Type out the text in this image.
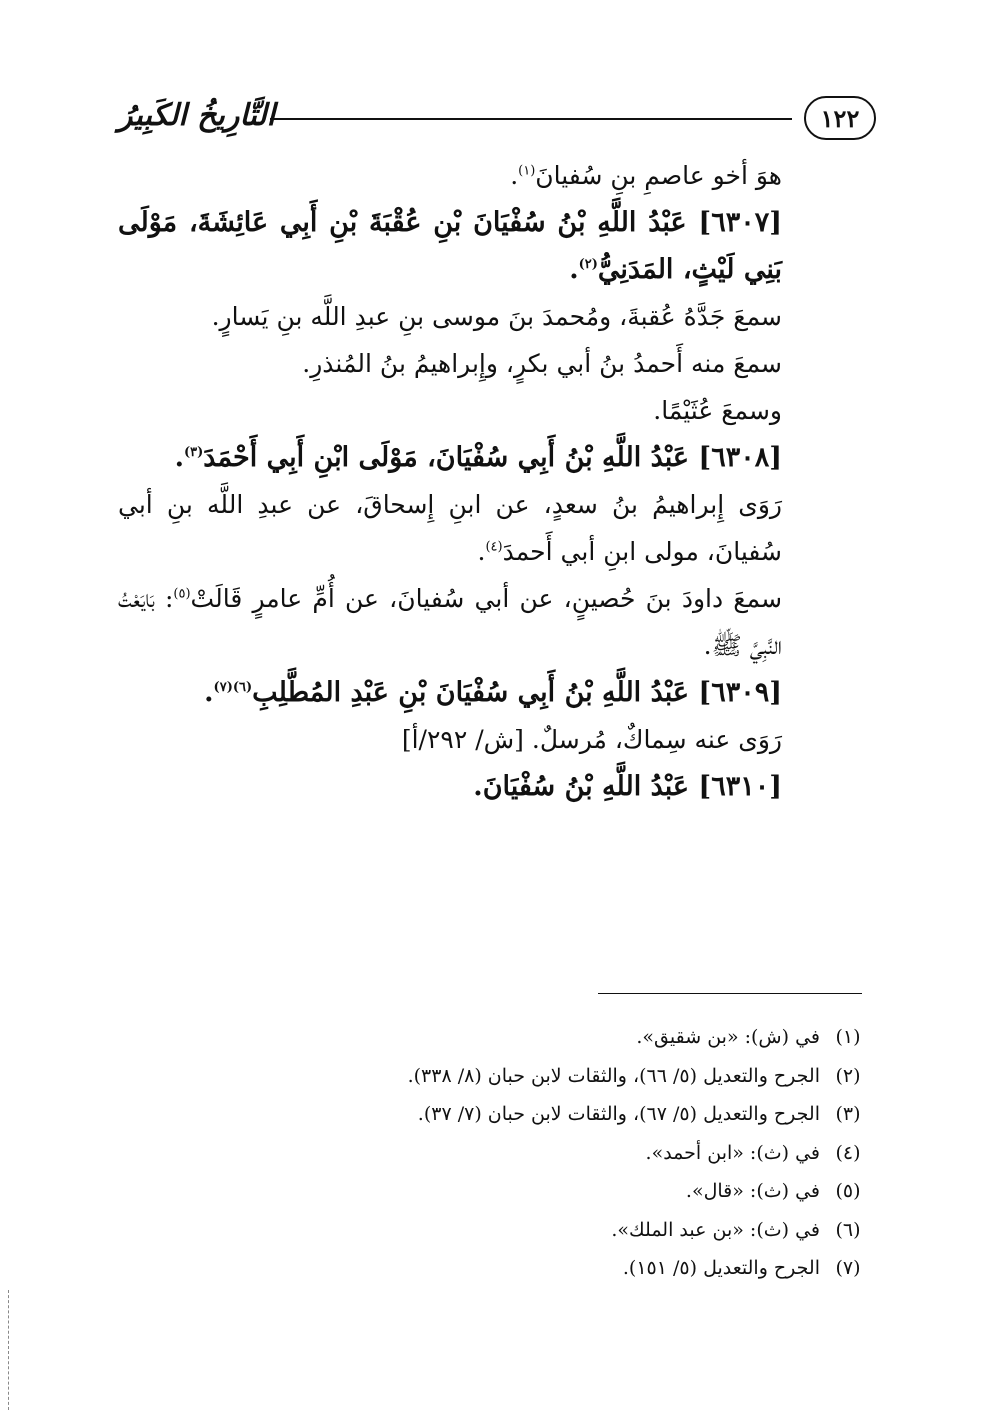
التَّارِيخُ الكَبِيرُ	١٢٢

هوَ أخو عاصمِ بنِ سُفيانَ$^{(١)}$.

[٦٣٠٧] عَبْدُ اللَّهِ بْنُ سُفْيَانَ بْنِ عُقْبَةَ بْنِ أَبِي عَائِشَةَ، مَوْلَى بَنِي لَيْثٍ، المَدَنِيُّ$^{(٢)}$.

سمعَ جَدَّهُ عُقبةَ، ومُحمدَ بنَ موسى بنِ عبدِ اللَّه بنِ يَسارٍ.

سمعَ منه أَحمدُ بنُ أبي بكرٍ، وإِبراهيمُ بنُ المُنذرِ.

وسمعَ عُثَيْمًا.

[٦٣٠٨] عَبْدُ اللَّهِ بْنُ أَبِي سُفْيَانَ، مَوْلَى ابْنِ أَبِي أَحْمَدَ$^{(٣)}$.

رَوَى إِبراهيمُ بنُ سعدٍ، عن ابنِ إِسحاقَ، عن عبدِ اللَّه بنِ أبي سُفيانَ، مولى ابنِ أبي أَحمدَ$^{(٤)}$.

سمعَ داودَ بنَ حُصينٍ، عن أبي سُفيانَ، عن أُمِّ عامرٍ قَالَتْ$^{(٥)}$: بَايَعْتُ النَّبِيَّ ﷺ.

[٦٣٠٩] عَبْدُ اللَّهِ بْنُ أَبِي سُفْيَانَ بْنِ عَبْدِ المُطَّلِبِ$^{(٦)(٧)}$.

رَوَى عنه سِماكٌ، مُرسلٌ. [ش/ ٢٩٢/أ]

[٦٣١٠] عَبْدُ اللَّهِ بْنُ سُفْيَانَ.

(١)في (ش): «بن شقيق».
(٢)الجرح والتعديل (٥/ ٦٦)، والثقات لابن حبان (٨/ ٣٣٨).
(٣)الجرح والتعديل (٥/ ٦٧)، والثقات لابن حبان (٧/ ٣٧).
(٤)في (ث): «ابن أحمد».
(٥)في (ث): «قال».
(٦)في (ث): «بن عبد الملك».
(٧)الجرح والتعديل (٥/ ١٥١).
